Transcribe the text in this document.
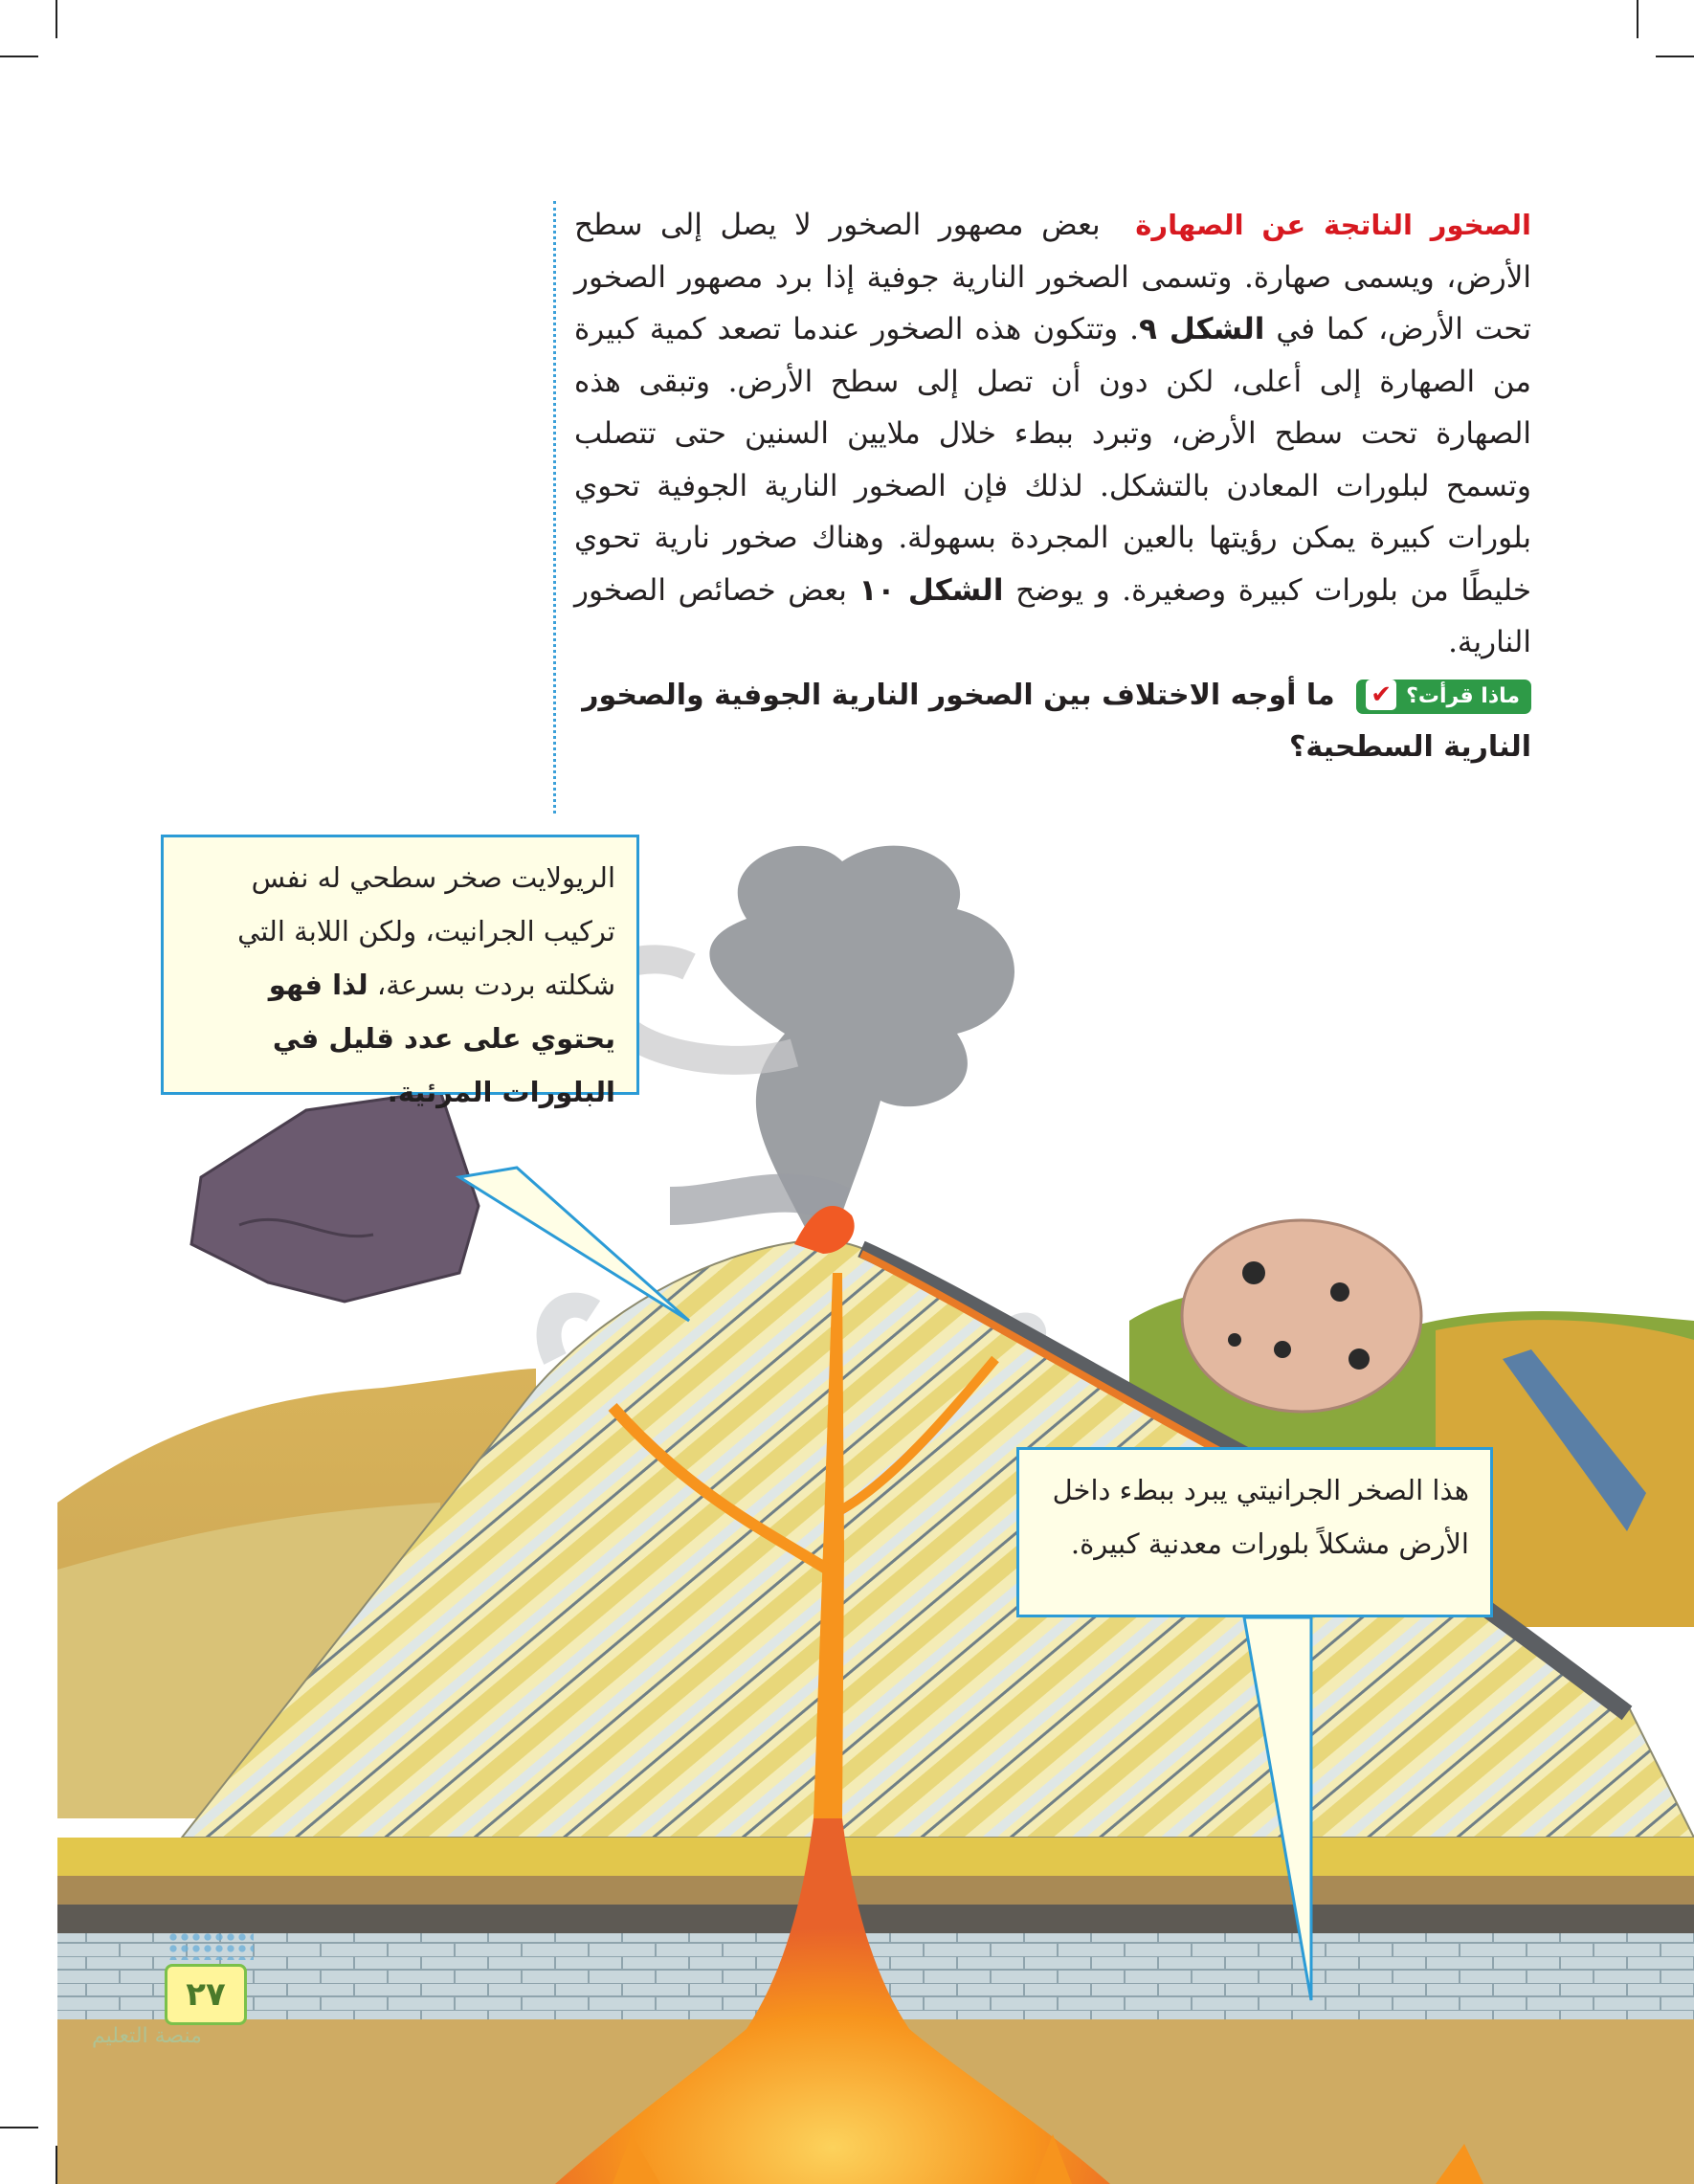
الصخور الناتجة عن الصهارة بعض مصهور الصخور لا يصل إلى سطح الأرض، ويسمى صهارة. وتسمى الصخور النارية جوفية إذا برد مصهور الصخور تحت الأرض، كما في الشكل ٩. وتتكون هذه الصخور عندما تصعد كمية كبيرة من الصهارة إلى أعلى، لكن دون أن تصل إلى سطح الأرض. وتبقى هذه الصهارة تحت سطح الأرض، وتبرد ببطء خلال ملايين السنين حتى تتصلب وتسمح لبلورات المعادن بالتشكل. لذلك فإن الصخور النارية الجوفية تحوي بلورات كبيرة يمكن رؤيتها بالعين المجردة بسهولة. وهناك صخور نارية تحوي خليطًا من بلورات كبيرة وصغيرة. و يوضح الشكل ١٠ بعض خصائص الصخور النارية.
ماذا قرأت؟✔ ما أوجه الاختلاف بين الصخور النارية الجوفية والصخور النارية السطحية؟
الريولايت صخر سطحي له نفس تركيب الجرانيت، ولكن اللابة التي شكلته بردت بسرعة، لذا فهو يحتوي على عدد قليل في البلورات المرئية.
هذا الصخر الجرانيتي يبرد ببطء داخل الأرض مشكلاً بلورات معدنية كبيرة.
٢٧
منصة التعليم
